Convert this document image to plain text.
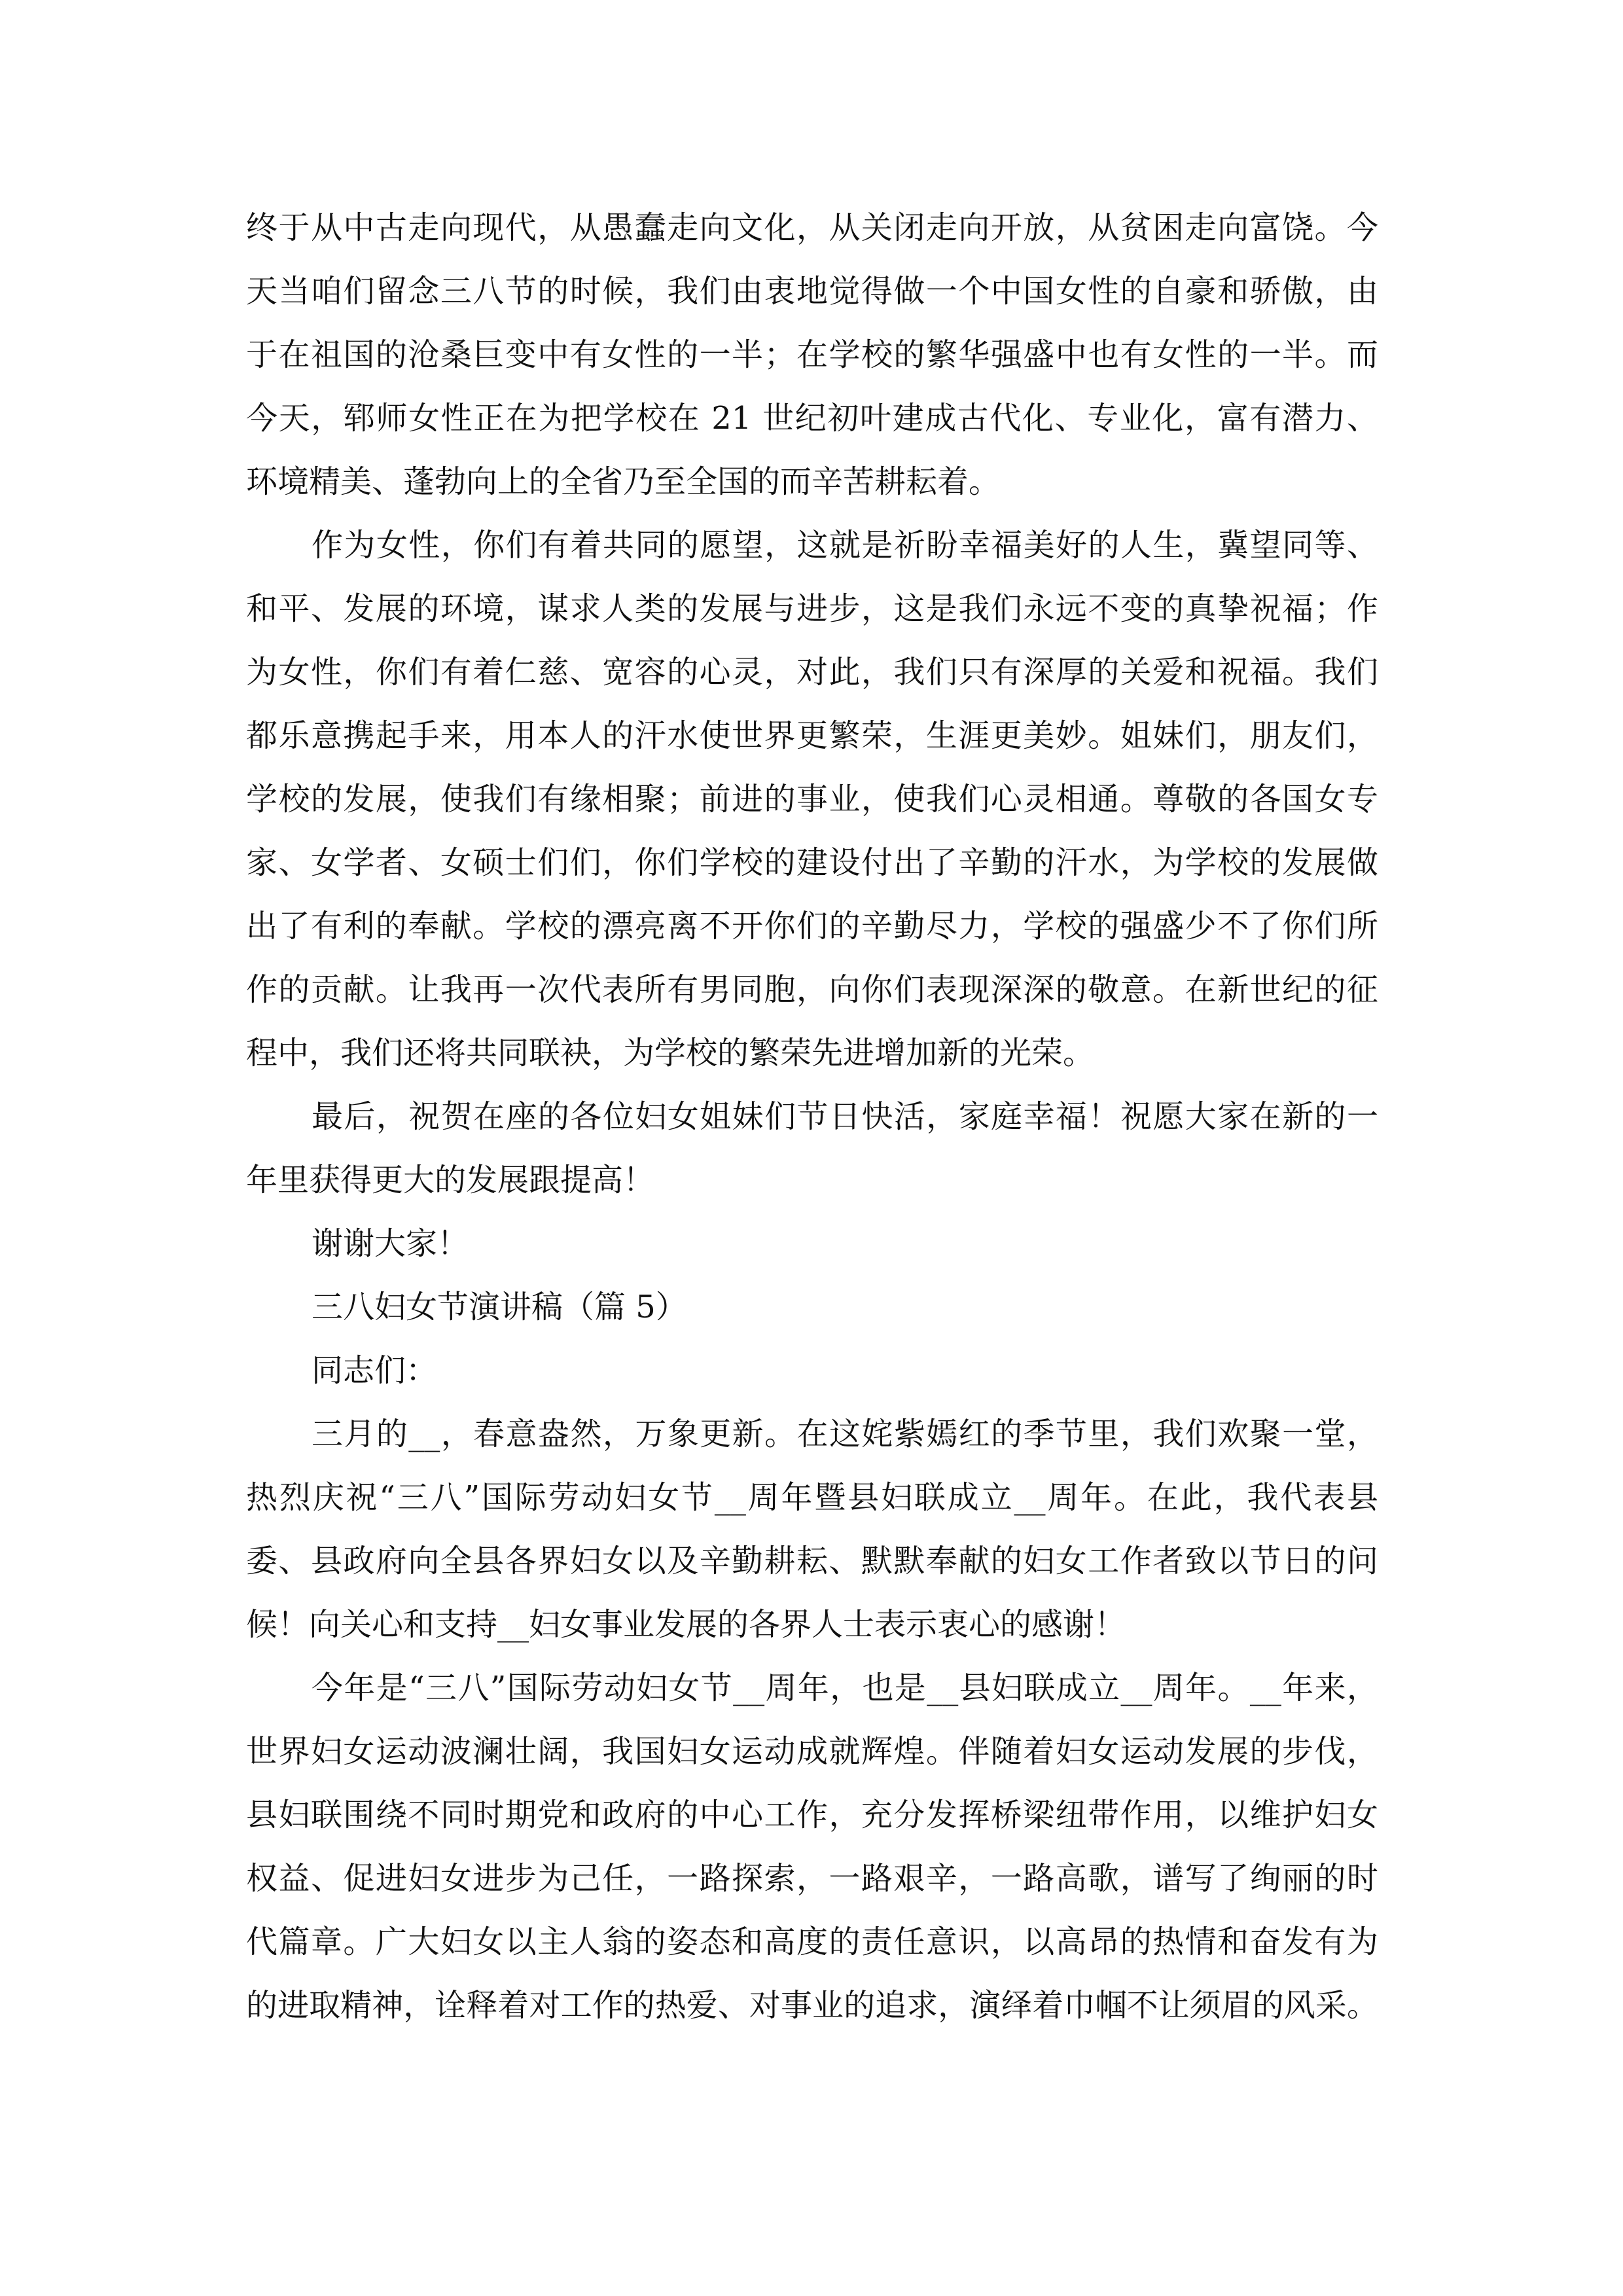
终于从中古走向现代，从愚蠢走向文化，从关闭走向开放，从贫困走向富饶。今
天当咱们留念三八节的时候，我们由衷地觉得做一个中国女性的自豪和骄傲，由
于在祖国的沧桑巨变中有女性的一半；在学校的繁华强盛中也有女性的一半。而
今天，郓师女性正在为把学校在 21 世纪初叶建成古代化、专业化，富有潜力、
环境精美、蓬勃向上的全省乃至全国的而辛苦耕耘着。
作为女性，你们有着共同的愿望，这就是祈盼幸福美好的人生，冀望同等、
和平、发展的环境，谋求人类的发展与进步，这是我们永远不变的真挚祝福；作
为女性，你们有着仁慈、宽容的心灵，对此，我们只有深厚的关爱和祝福。我们
都乐意携起手来，用本人的汗水使世界更繁荣，生涯更美妙。姐妹们，朋友们，
学校的发展，使我们有缘相聚；前进的事业，使我们心灵相通。尊敬的各国女专
家、女学者、女硕士们们，你们学校的建设付出了辛勤的汗水，为学校的发展做
出了有利的奉献。学校的漂亮离不开你们的辛勤尽力，学校的强盛少不了你们所
作的贡献。让我再一次代表所有男同胞，向你们表现深深的敬意。在新世纪的征
程中，我们还将共同联袂，为学校的繁荣先进增加新的光荣。
最后，祝贺在座的各位妇女姐妹们节日快活，家庭幸福！祝愿大家在新的一
年里获得更大的发展跟提高！
谢谢大家！
三八妇女节演讲稿（篇 5）
同志们：
三月的__，春意盎然，万象更新。在这姹紫嫣红的季节里，我们欢聚一堂，
热烈庆祝“三八”国际劳动妇女节__周年暨县妇联成立__周年。在此，我代表县
委、县政府向全县各界妇女以及辛勤耕耘、默默奉献的妇女工作者致以节日的问
候！向关心和支持__妇女事业发展的各界人士表示衷心的感谢！
今年是“三八”国际劳动妇女节__周年，也是__县妇联成立__周年。__年来，
世界妇女运动波澜壮阔，我国妇女运动成就辉煌。伴随着妇女运动发展的步伐，
县妇联围绕不同时期党和政府的中心工作，充分发挥桥梁纽带作用，以维护妇女
权益、促进妇女进步为己任，一路探索，一路艰辛，一路高歌，谱写了绚丽的时
代篇章。广大妇女以主人翁的姿态和高度的责任意识，以高昂的热情和奋发有为
的进取精神，诠释着对工作的热爱、对事业的追求，演绎着巾帼不让须眉的风采。
